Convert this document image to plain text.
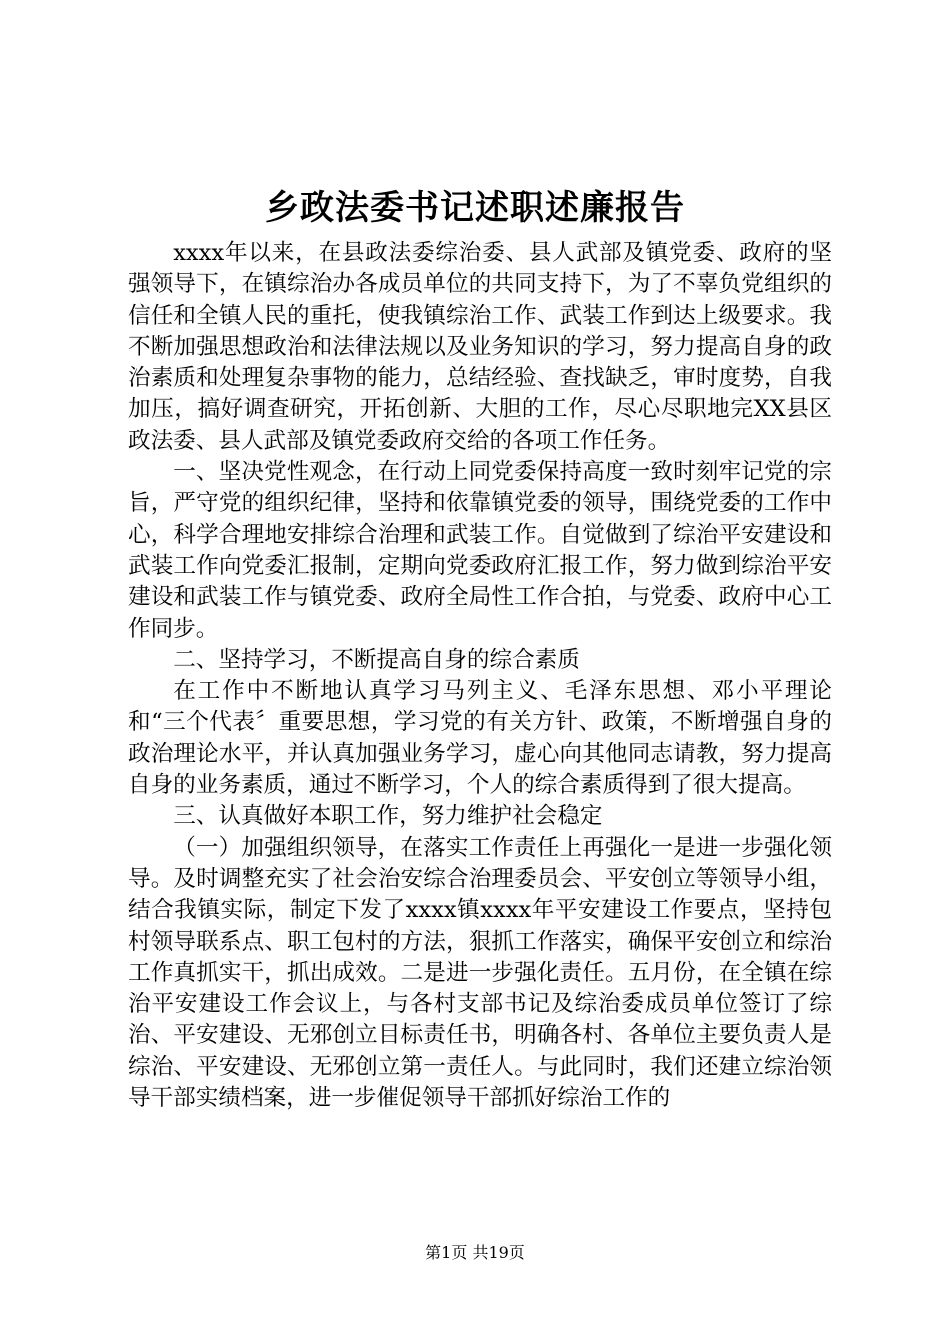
乡政法委书记述职述廉报告

xxxx年以来，在县政法委综治委、县人武部及镇党委、政府的坚强领导下，在镇综治办各成员单位的共同支持下，为了不辜负党组织的信任和全镇人民的重托，使我镇综治工作、武装工作到达上级要求。我不断加强思想政治和法律法规以及业务知识的学习，努力提高自身的政治素质和处理复杂事物的能力，总结经验、查找缺乏，审时度势，自我加压，搞好调查研究，开拓创新、大胆的工作，尽心尽职地完XX县区政法委、县人武部及镇党委政府交给的各项工作任务。

一、坚决党性观念，在行动上同党委保持高度一致时刻牢记党的宗旨，严守党的组织纪律，坚持和依靠镇党委的领导，围绕党委的工作中心，科学合理地安排综合治理和武装工作。自觉做到了综治平安建设和武装工作向党委汇报制，定期向党委政府汇报工作，努力做到综治平安建设和武装工作与镇党委、政府全局性工作合拍，与党委、政府中心工作同步。

二、坚持学习，不断提高自身的综合素质

在工作中不断地认真学习马列主义、毛泽东思想、邓小平理论和“三个代表〞重要思想，学习党的有关方针、政策，不断增强自身的政治理论水平，并认真加强业务学习，虚心向其他同志请教，努力提高自身的业务素质，通过不断学习，个人的综合素质得到了很大提高。

三、认真做好本职工作，努力维护社会稳定

（一）加强组织领导，在落实工作责任上再强化一是进一步强化领导。及时调整充实了社会治安综合治理委员会、平安创立等领导小组，结合我镇实际，制定下发了xxxx镇xxxx年平安建设工作要点，坚持包村领导联系点、职工包村的方法，狠抓工作落实，确保平安创立和综治工作真抓实干，抓出成效。二是进一步强化责任。五月份，在全镇在综治平安建设工作会议上，与各村支部书记及综治委成员单位签订了综治、平安建设、无邪创立目标责任书，明确各村、各单位主要负责人是综治、平安建设、无邪创立第一责任人。与此同时，我们还建立综治领导干部实绩档案，进一步催促领导干部抓好综治工作的

第1页 共19页
